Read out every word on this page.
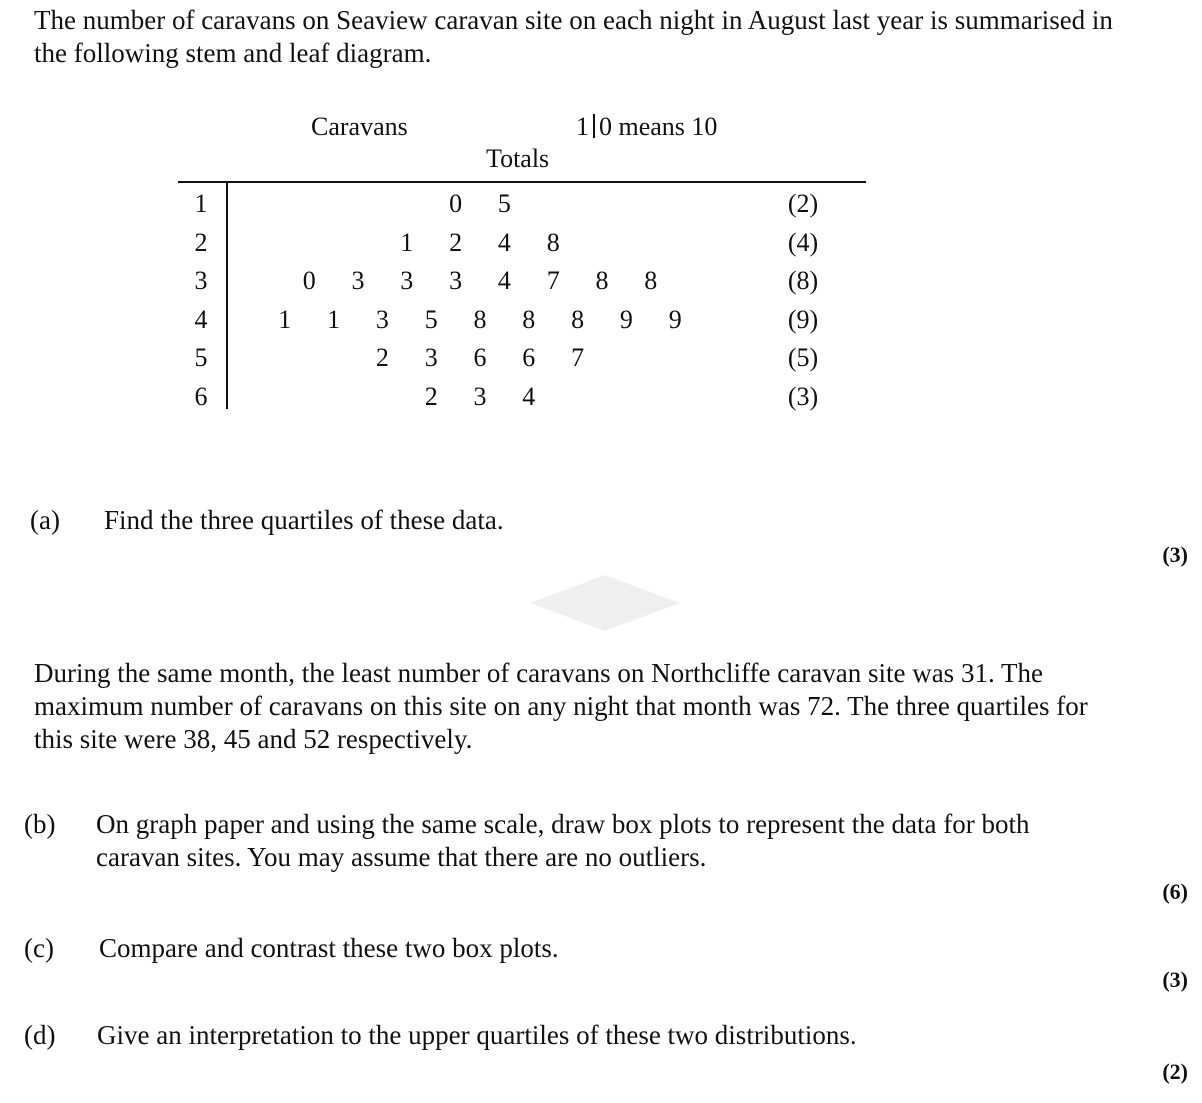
The number of caravans on Seaview caravan site on each night in August last year is summarised in the following stem and leaf diagram.

Caravans	1 0 means 10
Totals
1	0 5	(2)
2	1 2 4 8	(4)
3	0 3 3 3 4 7 8 8	(8)
4	1 1 3 5 8 8 8 9 9	(9)
5	2 3 6 6 7	(5)
6	2 3 4	(3)
(a) Find the three quartiles of these data.
(3)

During the same month, the least number of caravans on Northcliffe caravan site was 31. The maximum number of caravans on this site on any night that month was 72. The three quartiles for this site were 38, 45 and 52 respectively.

(b) On graph paper and using the same scale, draw box plots to represent the data for both caravan sites. You may assume that there are no outliers.

(6)
(c) Compare and contrast these two box plots.
(3)
(d) Give an interpretation to the upper quartiles of these two distributions.
(2)
